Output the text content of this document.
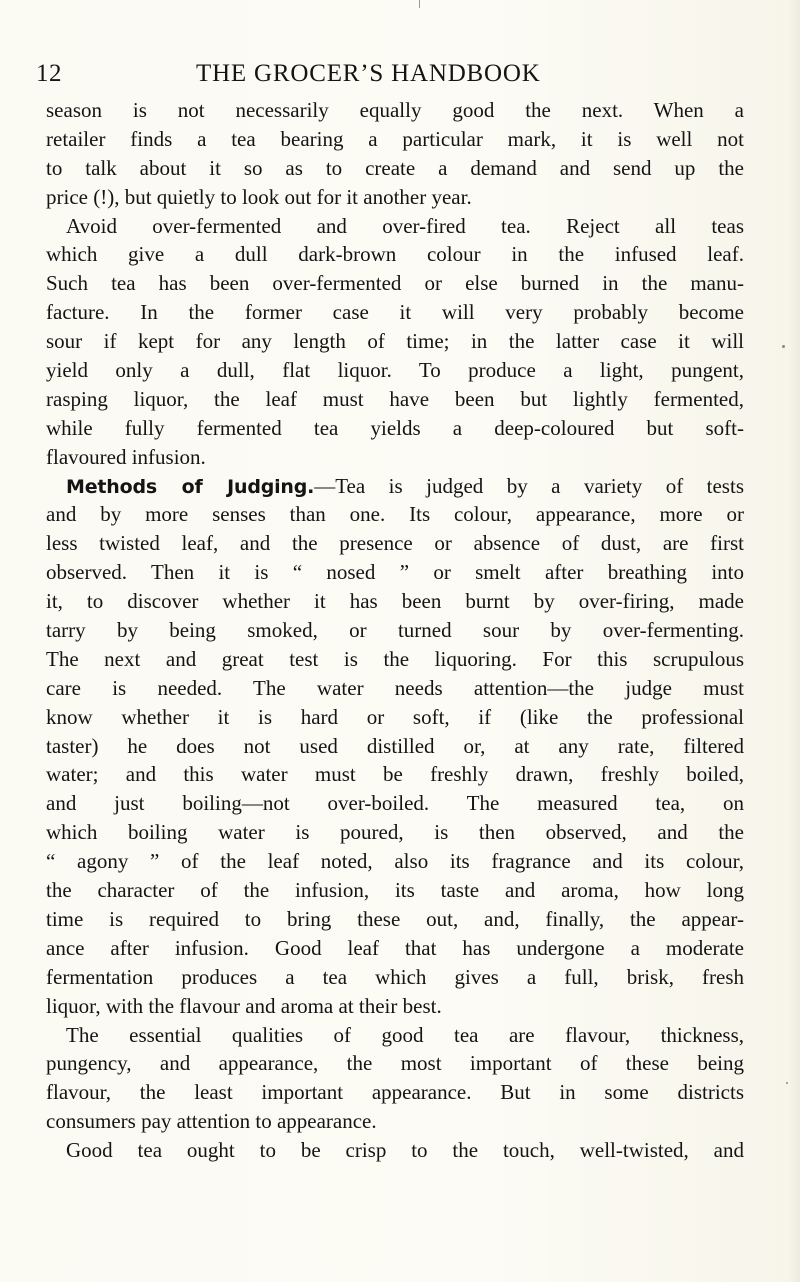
12	THE GROCER’S HANDBOOK
season is not necessarily equally good the next. When a
retailer finds a tea bearing a particular mark, it is well not
to talk about it so as to create a demand and send up the
price (!), but quietly to look out for it another year.
Avoid over-fermented and over-fired tea. Reject all teas
which give a dull dark-brown colour in the infused leaf.
Such tea has been over-fermented or else burned in the manu-
facture. In the former case it will very probably become
sour if kept for any length of time; in the latter case it will
yield only a dull, flat liquor. To produce a light, pungent,
rasping liquor, the leaf must have been but lightly fermented,
while fully fermented tea yields a deep-coloured but soft-
flavoured infusion.
Methods of Judging.—Tea is judged by a variety of tests
and by more senses than one. Its colour, appearance, more or
less twisted leaf, and the presence or absence of dust, are first
observed. Then it is “ nosed ” or smelt after breathing into
it, to discover whether it has been burnt by over-firing, made
tarry by being smoked, or turned sour by over-fermenting.
The next and great test is the liquoring. For this scrupulous
care is needed. The water needs attention—the judge must
know whether it is hard or soft, if (like the professional
taster) he does not used distilled or, at any rate, filtered
water; and this water must be freshly drawn, freshly boiled,
and just boiling—not over-boiled. The measured tea, on
which boiling water is poured, is then observed, and the
“ agony ” of the leaf noted, also its fragrance and its colour,
the character of the infusion, its taste and aroma, how long
time is required to bring these out, and, finally, the appear-
ance after infusion. Good leaf that has undergone a moderate
fermentation produces a tea which gives a full, brisk, fresh
liquor, with the flavour and aroma at their best.
The essential qualities of good tea are flavour, thickness,
pungency, and appearance, the most important of these being
flavour, the least important appearance. But in some districts
consumers pay attention to appearance.
Good tea ought to be crisp to the touch, well-twisted, and
